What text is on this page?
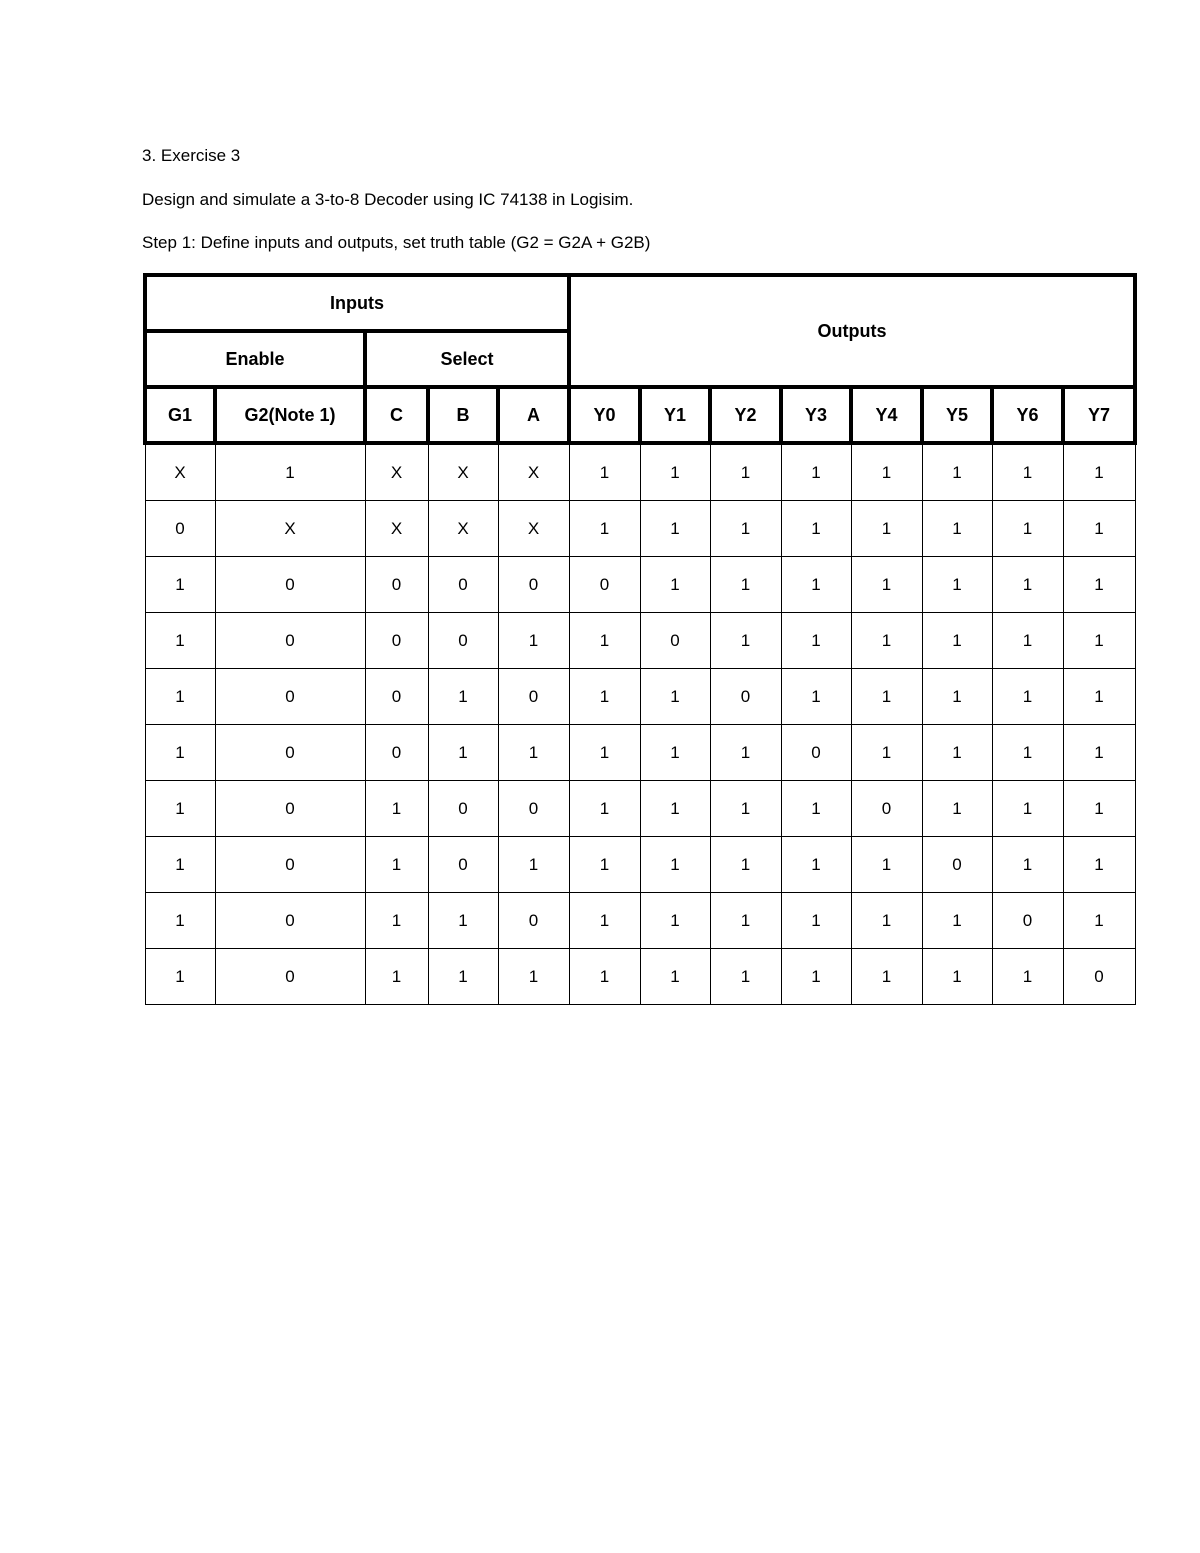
3. Exercise 3
Design and simulate a 3-to-8 Decoder using IC 74138 in Logisim.
Step 1: Define inputs and outputs, set truth table (G2 = G2A + G2B)
Inputs					Outputs							
Enable		Select										
G1	G2(Note 1)	C	B	A	Y0	Y1	Y2	Y3	Y4	Y5	Y6	Y7
X	1	X	X	X	1	1	1	1	1	1	1	1
0	X	X	X	X	1	1	1	1	1	1	1	1
1	0	0	0	0	0	1	1	1	1	1	1	1
1	0	0	0	1	1	0	1	1	1	1	1	1
1	0	0	1	0	1	1	0	1	1	1	1	1
1	0	0	1	1	1	1	1	0	1	1	1	1
1	0	1	0	0	1	1	1	1	0	1	1	1
1	0	1	0	1	1	1	1	1	1	0	1	1
1	0	1	1	0	1	1	1	1	1	1	0	1
1	0	1	1	1	1	1	1	1	1	1	1	0
